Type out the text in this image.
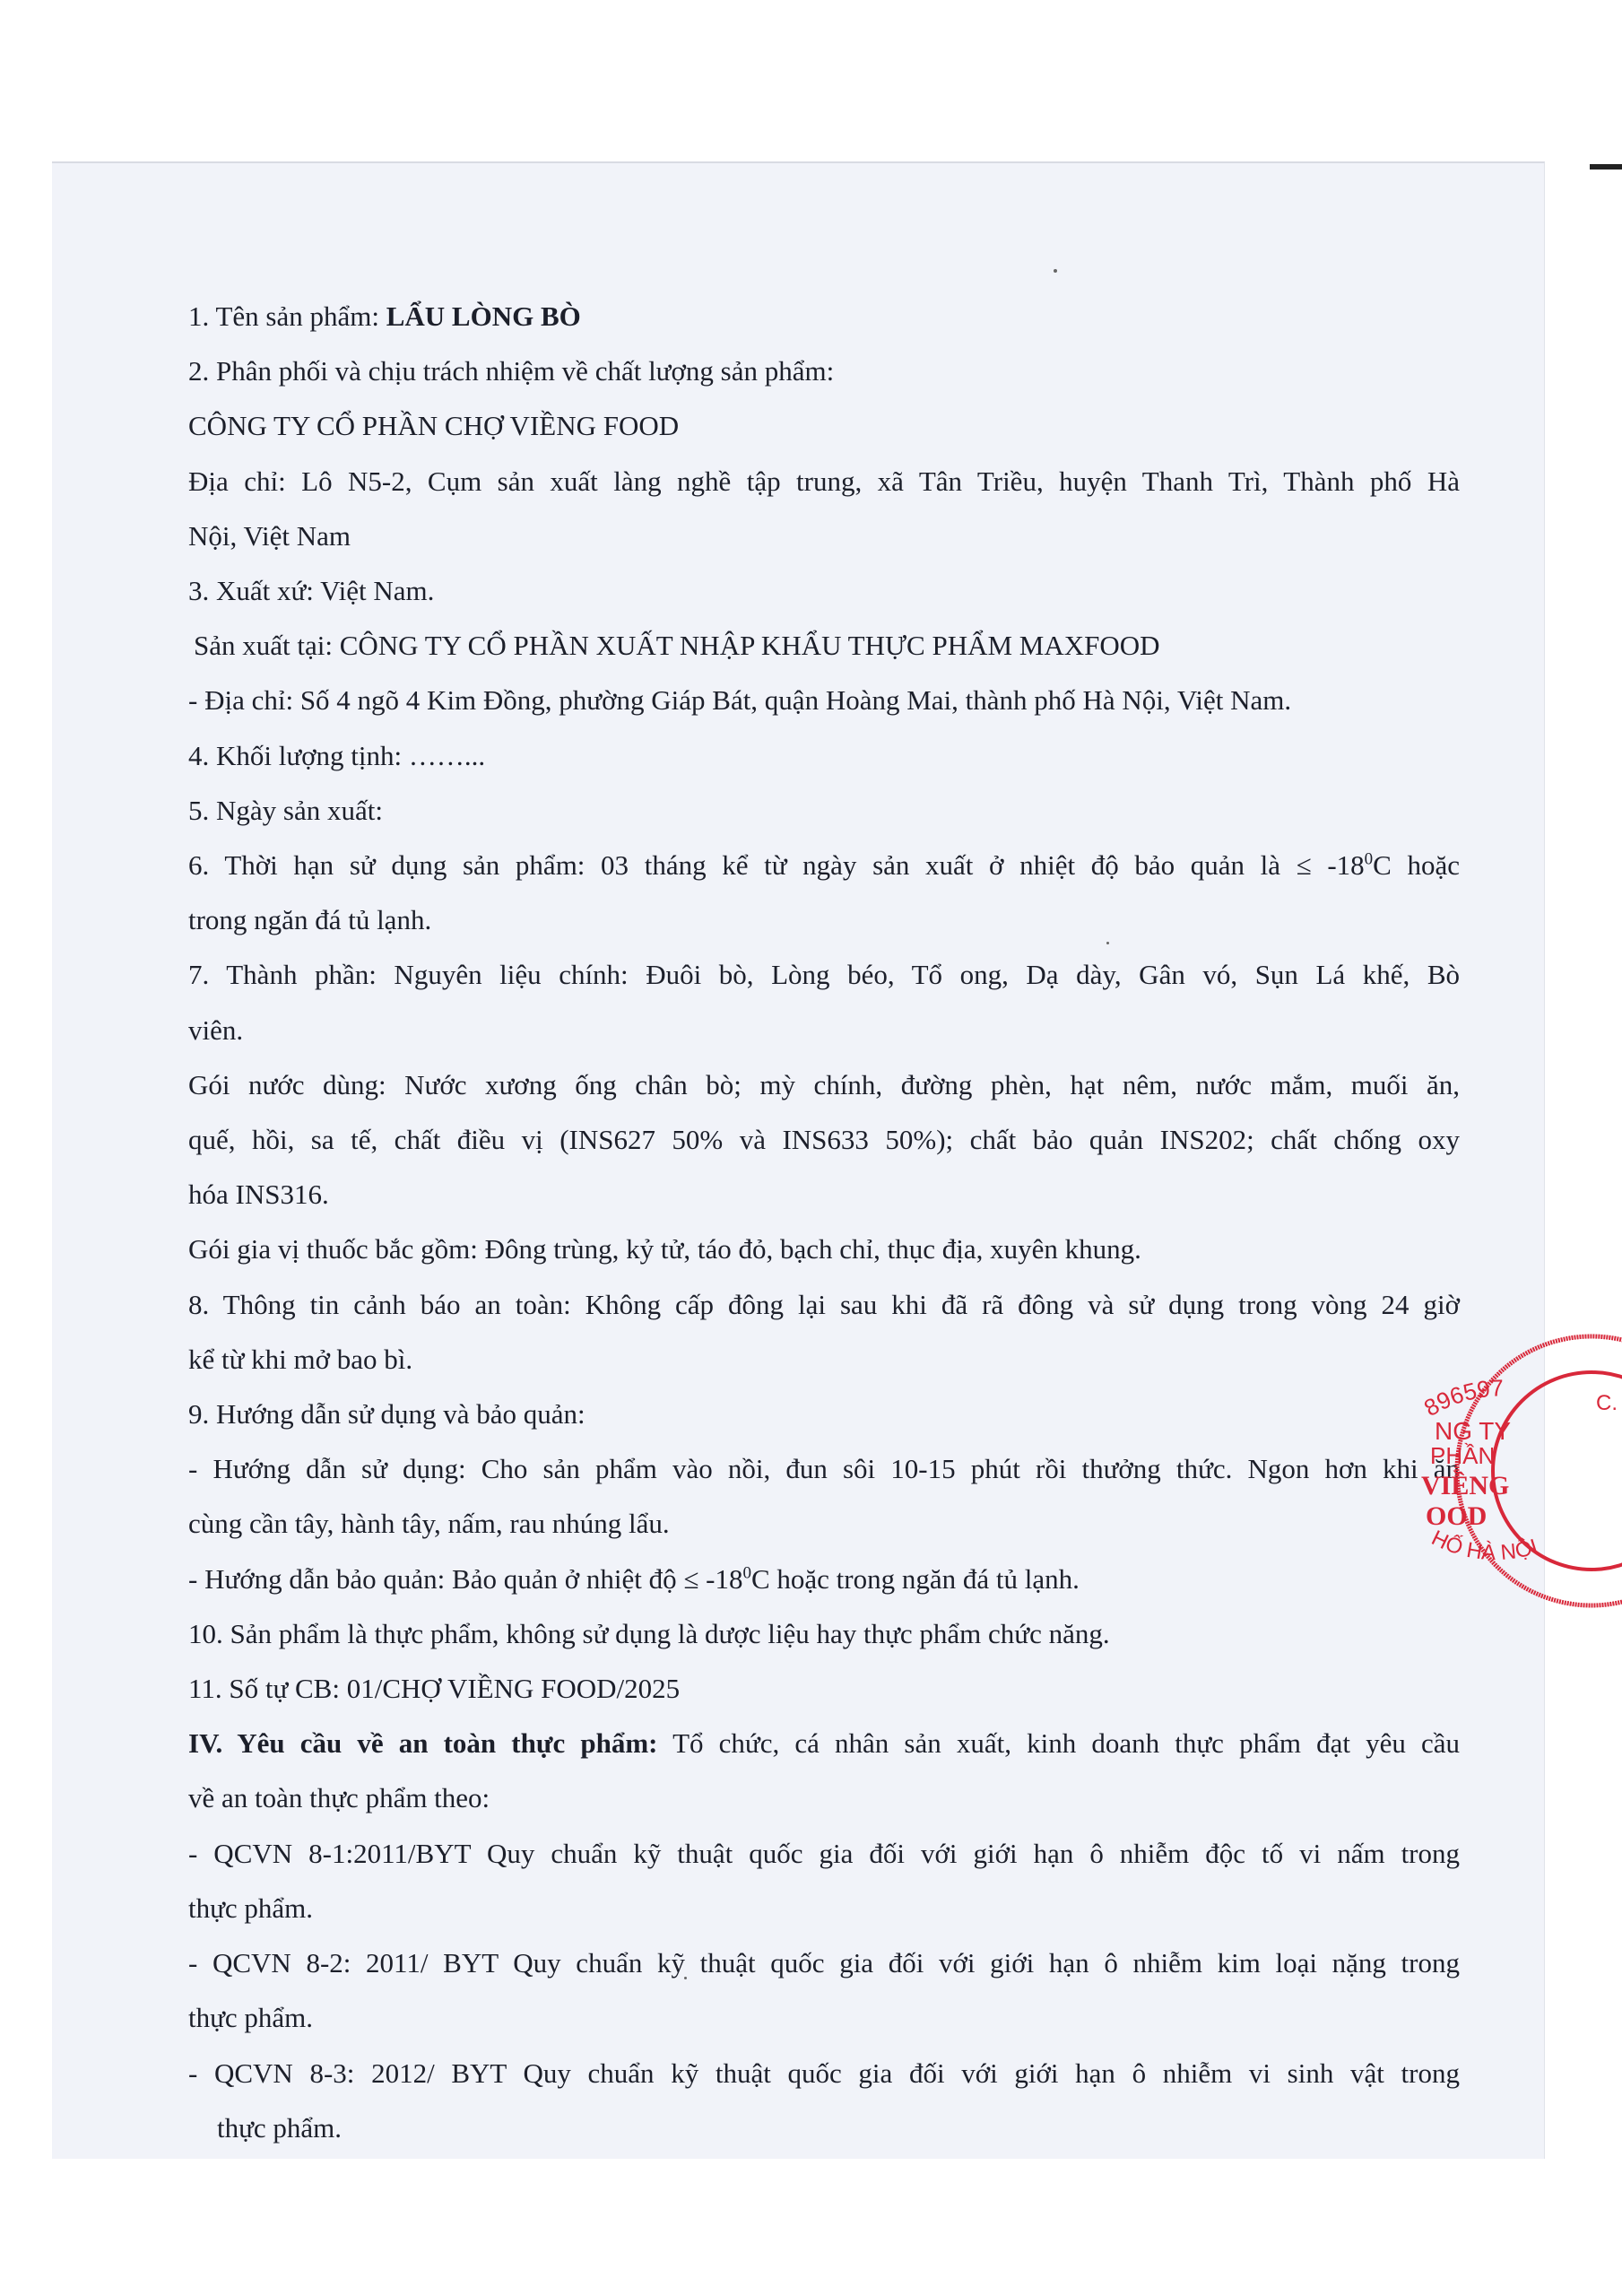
1. Tên sản phẩm: LẨU LÒNG BÒ
2. Phân phối và chịu trách nhiệm về chất lượng sản phẩm:
CÔNG TY CỔ PHẦN CHỢ VIỀNG FOOD
Địa chỉ: Lô N5-2, Cụm sản xuất làng nghề tập trung, xã Tân Triều, huyện Thanh Trì, Thành phố Hà
Nội, Việt Nam
3. Xuất xứ: Việt Nam.
Sản xuất tại: CÔNG TY CỔ PHẦN XUẤT NHẬP KHẨU THỰC PHẨM MAXFOOD
- Địa chỉ: Số 4 ngõ 4 Kim Đồng, phường Giáp Bát, quận Hoàng Mai, thành phố Hà Nội, Việt Nam.
4. Khối lượng tịnh: ……...
5. Ngày sản xuất:
6. Thời hạn sử dụng sản phẩm: 03 tháng kể từ ngày sản xuất ở nhiệt độ bảo quản là ≤ $-18^0C$ hoặc
trong ngăn đá tủ lạnh.
7. Thành phần: Nguyên liệu chính: Đuôi bò, Lòng béo, Tổ ong, Dạ dày, Gân vó, Sụn Lá khế, Bò
viên.
Gói nước dùng: Nước xương ống chân bò; mỳ chính, đường phèn, hạt nêm, nước mắm, muối ăn,
quế, hồi, sa tế, chất điều vị (INS627 50% và INS633 50%); chất bảo quản INS202; chất chống oxy
hóa INS316.
Gói gia vị thuốc bắc gồm: Đông trùng, kỷ tử, táo đỏ, bạch chỉ, thục địa, xuyên khung.
8. Thông tin cảnh báo an toàn: Không cấp đông lại sau khi đã rã đông và sử dụng trong vòng 24 giờ
kể từ khi mở bao bì.
9. Hướng dẫn sử dụng và bảo quản:
- Hướng dẫn sử dụng: Cho sản phẩm vào nồi, đun sôi 10-15 phút rồi thưởng thức. Ngon hơn khi ăn
cùng cần tây, hành tây, nấm, rau nhúng lẩu.
- Hướng dẫn bảo quản: Bảo quản ở nhiệt độ ≤ $-18^0C$ hoặc trong ngăn đá tủ lạnh.
10. Sản phẩm là thực phẩm, không sử dụng là dược liệu hay thực phẩm chức năng.
11. Số tự CB: 01/CHỢ VIỀNG FOOD/2025
IV. Yêu cầu về an toàn thực phẩm: Tổ chức, cá nhân sản xuất, kinh doanh thực phẩm đạt yêu cầu
về an toàn thực phẩm theo:
- QCVN 8-1:2011/BYT Quy chuẩn kỹ thuật quốc gia đối với giới hạn ô nhiễm độc tố vi nấm trong
thực phẩm.
- QCVN 8-2: 2011/ BYT Quy chuẩn kỹ thuật quốc gia đối với giới hạn ô nhiễm kim loại nặng trong
thực phẩm.
- QCVN 8-3: 2012/ BYT Quy chuẩn kỹ thuật quốc gia đối với giới hạn ô nhiễm vi sinh vật trong
thực phẩm.
896597
C.
NG TY
PHẦN
VIỀNG
OOD
HỐ HÀ NỘI
